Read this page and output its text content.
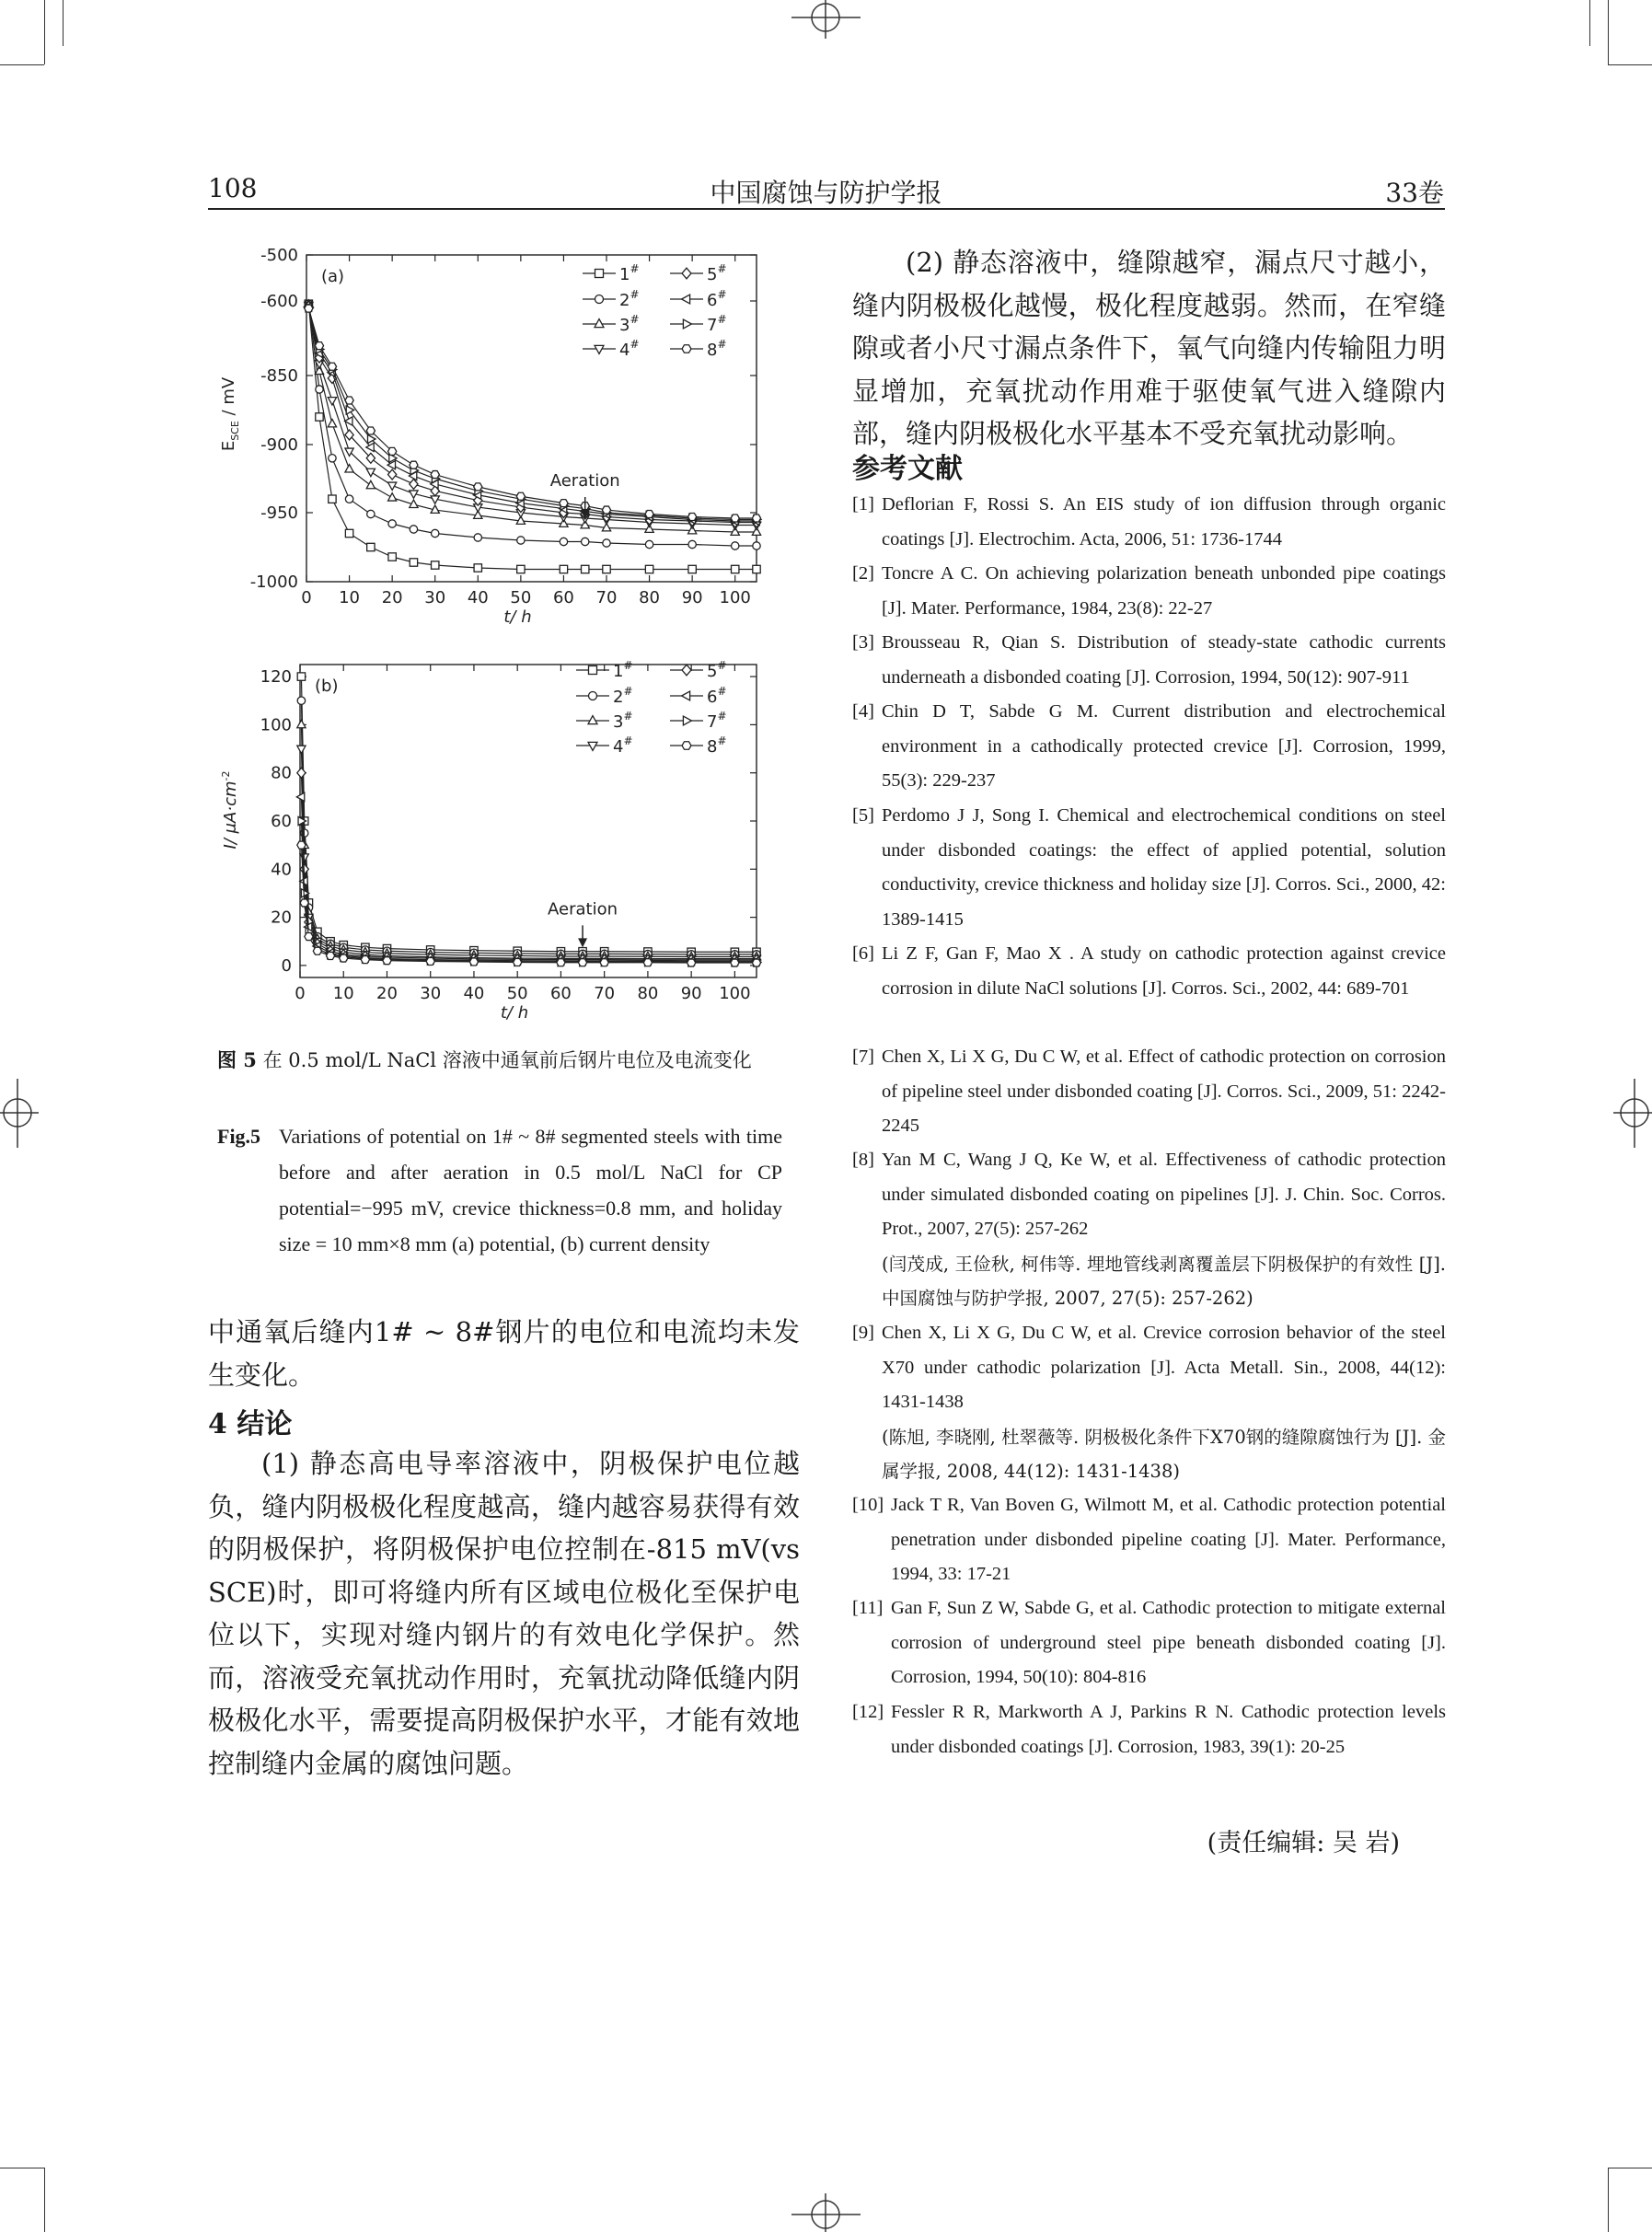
108	中国腐蚀与防护学报	33卷
0 10 20 30 40 50 60 70 80 90 100
-500
-600
-850
-900
-950
-1000
t/ h
$E_{SCE}$ / mV
(a)
Aeration
1#
2#
3#
4#
5#
6#
7#
8#
0 10 20 30 40 50 60 70 80 90 100
0
20
40
60
80
100
120
t/ h
I/ $\mu A\cdot cm^{-2}$
(b)
Aeration
1#
2#
3#
4#
5#
6#
7#
8#
图 5 在 0.5 mol/L NaCl 溶液中通氧前后钢片电位及电流变化
Fig.5 Variations of potential on 1# ~ 8# segmented steels with time before and after aeration in 0.5 mol/L NaCl for CP potential=−995 mV, crevice thickness=0.8 mm, and holiday size = 10 mm×8 mm (a) potential, (b) current density
中通氧后缝内1# ~ 8#钢片的电位和电流均未发生变化。
4 结论
(1) 静态高电导率溶液中，阴极保护电位越负，缝内阴极极化程度越高，缝内越容易获得有效的阴极保护，将阴极保护电位控制在-815 mV(vs SCE)时，即可将缝内所有区域电位极化至保护电位以下，实现对缝内钢片的有效电化学保护。然而，溶液受充氧扰动作用时，充氧扰动降低缝内阴极极化水平，需要提高阴极保护水平，才能有效地控制缝内金属的腐蚀问题。
(2) 静态溶液中，缝隙越窄，漏点尺寸越小，缝内阴极极化越慢，极化程度越弱。然而，在窄缝隙或者小尺寸漏点条件下，氧气向缝内传输阻力明显增加，充氧扰动作用难于驱使氧气进入缝隙内部，缝内阴极极化水平基本不受充氧扰动影响。
参考文献
[1] Deflorian F, Rossi S. An EIS study of ion diffusion through organic coatings [J]. Electrochim. Acta, 2006, 51: 1736-1744
[2] Toncre A C. On achieving polarization beneath unbonded pipe coatings [J]. Mater. Performance, 1984, 23(8): 22-27
[3] Brousseau R, Qian S. Distribution of steady-state cathodic currents underneath a disbonded coating [J]. Corrosion, 1994, 50(12): 907-911
[4] Chin D T, Sabde G M. Current distribution and electrochemical environment in a cathodically protected crevice [J]. Corrosion, 1999, 55(3): 229-237
[5] Perdomo J J, Song I. Chemical and electrochemical conditions on steel under disbonded coatings: the effect of applied potential, solution conductivity, crevice thickness and holiday size [J]. Corros. Sci., 2000, 42: 1389-1415
[6] Li Z F, Gan F, Mao X . A study on cathodic protection against crevice corrosion in dilute NaCl solutions [J]. Corros. Sci., 2002, 44: 689-701
[7] Chen X, Li X G, Du C W, et al. Effect of cathodic protection on corrosion of pipeline steel under disbonded coating [J]. Corros. Sci., 2009, 51: 2242-2245
[8] Yan M C, Wang J Q, Ke W, et al. Effectiveness of cathodic protection under simulated disbonded coating on pipelines [J]. J. Chin. Soc. Corros. Prot., 2007, 27(5): 257-262
(闫茂成, 王俭秋, 柯伟等. 埋地管线剥离覆盖层下阴极保护的有效性 [J]. 中国腐蚀与防护学报, 2007, 27(5): 257-262)
[9] Chen X, Li X G, Du C W, et al. Crevice corrosion behavior of the steel X70 under cathodic polarization [J]. Acta Metall. Sin., 2008, 44(12): 1431-1438
(陈旭, 李晓刚, 杜翠薇等. 阴极极化条件下X70钢的缝隙腐蚀行为 [J]. 金属学报, 2008, 44(12): 1431-1438)
[10] Jack T R, Van Boven G, Wilmott M, et al. Cathodic protection potential penetration under disbonded pipeline coating [J]. Mater. Performance, 1994, 33: 17-21
[11] Gan F, Sun Z W, Sabde G, et al. Cathodic protection to mitigate external corrosion of underground steel pipe beneath disbonded coating [J]. Corrosion, 1994, 50(10): 804-816
[12] Fessler R R, Markworth A J, Parkins R N. Cathodic protection levels under disbonded coatings [J]. Corrosion, 1983, 39(1): 20-25
(责任编辑: 吴 岩)
